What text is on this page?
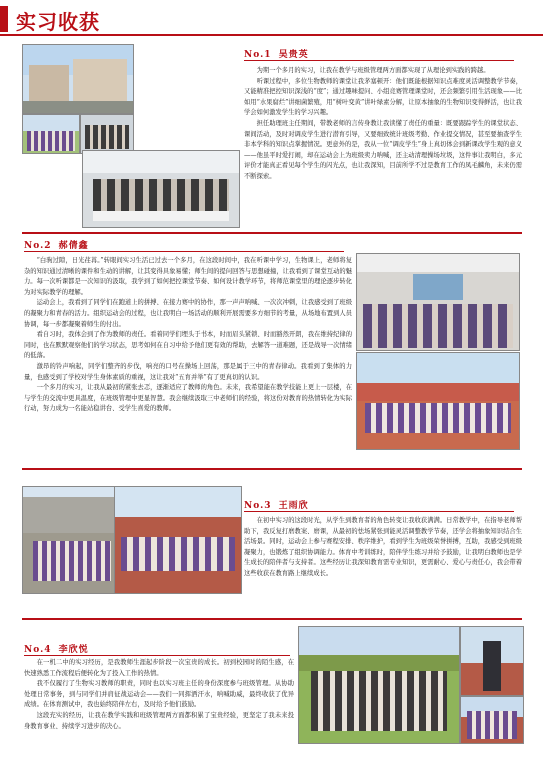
实习收获
No.1 吴贵英

为期一个多月的实习，让我在教学与班级管理两方面都实现了从理论到实践的跨越。

听课过程中，多位生物教师的课堂让我茅塞顿开：他们既能根据知识点难度灵活调整教学节奏，又能精准把控知识深浅的“度”；通过趣味提问、小组竞赛管理课堂时，还会频繁引用生活现象——比如用“水果腐烂”讲细菌繁殖，用“树叶变黄”讲叶绿素分解，让原本抽象的生物知识变得鲜活，也让我学会如何激发学生的学习兴趣。

担任助理班主任期间，带教老师的言传身教让我读懂了责任的重量：既要跟踪学生的课堂状态、课间活动，及时对调皮学生进行潜育引导，又要细致统计班级考勤、作业提交情况，甚至要抽查学生非本学科的知识点掌握情况。更意外的是，我从一位“调皮学生”身上真切体会到新课改学生观的意义——他虽平时爱打闹，却在运动会上为班级卖力呐喊，还主动清理操场垃圾，这件事让我明白，多元评价才能真正看见每个学生的闪光点，也让我深知，目前所学不过是教育工作的凤毛麟角，未来仍需不断探索。

No.2 郝倩鑫

“白驹过隙，日光荏苒。”转眼间实习生活已过去一个多月，在这段时间中，我在听课中学习，生物课上，老师将复杂的知识通过清晰的课件和生动的讲解，让其变得具象易懂；师生间的提问回答与思想碰撞，让我看到了课堂互动的魅力。每一次听课都是一次知识的汲取，我学到了如何把控课堂节奏、如何设计教学环节，将师范课堂里的理论逐步转化为对实际教学的理解。

运动会上，我看到了同学们在跑道上的拼搏、在接力赛中的协作，那一声声呐喊、一次次冲刺，让我感受到了班级的凝聚力和青春的活力。组织运动会的过程，也让我明白一场活动的顺利开展需要多方细节的考量，从场地布置到人员协调，每一步都凝聚着师生的付出。

看自习时，我体会到了作为教师的责任。看着同学们埋头于书本，时而眉头紧锁、时而豁然开朗，我在维持纪律的同时，也在默默观察他们的学习状态，思考如何在自习中给予他们更有效的帮助，去解答一道难题，还是战导一次情绪的低落。

激昂的铃声响起，同学们整齐的步伐，响亮的口号在操场上回荡，那是属于三中的青春律动。我看到了集体的力量，也感受到了学校对学生身体素质的重视，这让我对“五育并举”有了更真切的认识。

一个多月的实习，让我从最初的紧张去忑，逐渐适应了教师的角色。未来，我希望能在教学技能上更上一层楼，在与学生的交流中更具温度，在班级管理中更显智慧。我会继续汲取三中老师们的经验，将这份对教育的热情转化为实际行动，努力成为一名能站稳讲台、受学生喜爱的教师。

No.3 王雨欣

在初中实习的这段时光，从学生到教育者的角色转变让我收获满满。日常教学中，在指导老师帮助下，我反复打磨教案、磨课，从最初的怯场紧张到能灵活调整教学节奏，还学会将抽象知识结合生活场景。同时，运动会上参与赛程安排、秩序维护，看到学生为班级荣誉拼搏，互助，我感受到班级凝聚力，也锻炼了组织协调能力。体育中考训练时，陪伴学生练习并给予鼓励，让我明白教师也是学生成长的陪伴者与支持者。这些经历让我深知教育需专业知识，更需耐心、爱心与责任心，我会带着这些收获在教育路上继续成长。

No.4 李欣悦

在一机二中的实习经历，是我教师生涯起步阶段一次宝贵的成长。初到校园时的陌生感，在快速熟悉工作流程后便转化为了投入工作的热情。

我不仅履行了生物实习教师的职责，同时也以实习班主任的身份深度参与班级管理。从协助处理日常事务，到与同学们并肩征战运动会——我们一同挥洒汗水，呐喊助威，最终收获了优异成绩。在体育测试中，我也始终陪伴左右，及时给予他们鼓励。

这段充实的经历，让我在教学实践和班级管理两方面都积累了宝贵经验，更坚定了我未来投身教育事业、持续学习进步的决心。
